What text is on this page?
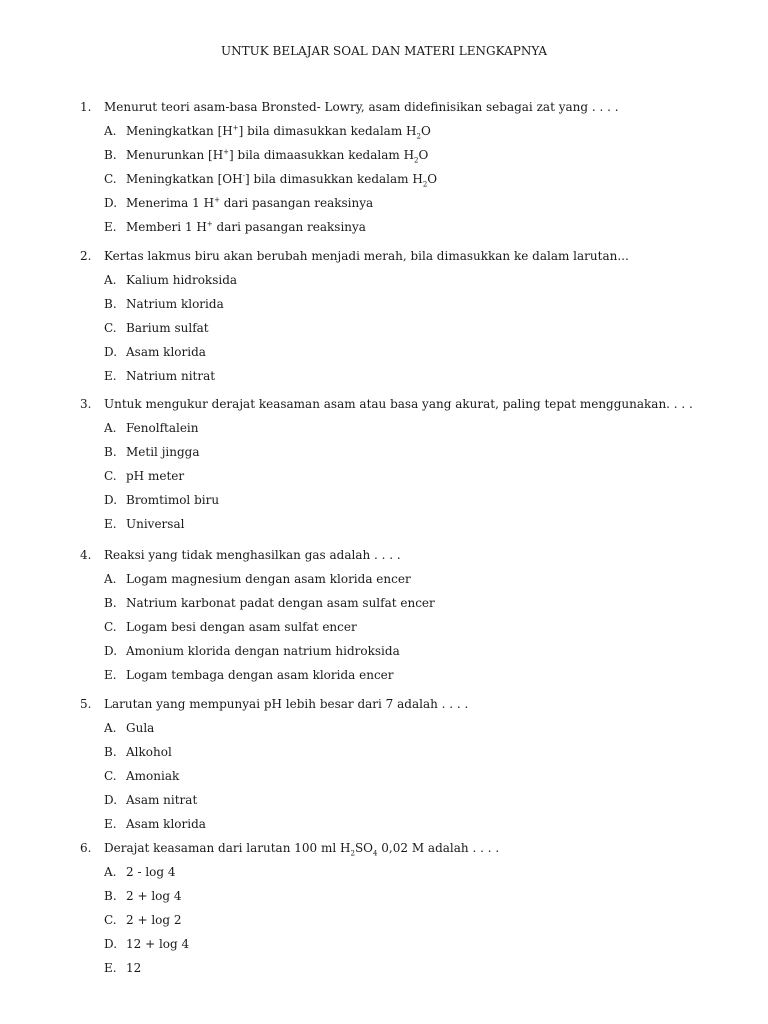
UNTUK BELAJAR SOAL DAN MATERI LENGKAPNYA
1. Menurut teori asam-basa Bronsted- Lowry, asam didefinisikan sebagai zat yang . . . .
A. Meningkatkan [H+] bila dimasukkan kedalam $H_2O$
B. Menurunkan [H+] bila dimaasukkan kedalam $H_2O$
C. Meningkatkan [OH-] bila dimasukkan kedalam $H_2O$
D. Menerima 1 H+ dari pasangan reaksinya
E. Memberi 1 H+ dari pasangan reaksinya
2. Kertas lakmus biru akan berubah menjadi merah, bila dimasukkan ke dalam larutan...
A. Kalium hidroksida
B. Natrium klorida
C. Barium sulfat
D. Asam klorida
E. Natrium nitrat
3. Untuk mengukur derajat keasaman asam atau basa yang akurat, paling tepat menggunakan. . . .
A. Fenolftalein
B. Metil jingga
C. pH meter
D. Bromtimol biru
E. Universal
4. Reaksi yang tidak menghasilkan gas adalah . . . .
A. Logam magnesium dengan asam klorida encer
B. Natrium karbonat padat dengan asam sulfat encer
C. Logam besi dengan asam sulfat encer
D. Amonium klorida dengan natrium hidroksida
E. Logam tembaga dengan asam klorida encer
5. Larutan yang mempunyai pH lebih besar dari 7 adalah . . . .
A. Gula
B. Alkohol
C. Amoniak
D. Asam nitrat
E. Asam klorida
6. Derajat keasaman dari larutan 100 ml $H_2SO_4$ 0,02 M adalah . . . .
A. 2 - log 4
B. 2 + log 4
C. 2 + log 2
D. 12 + log 4
E. 12
